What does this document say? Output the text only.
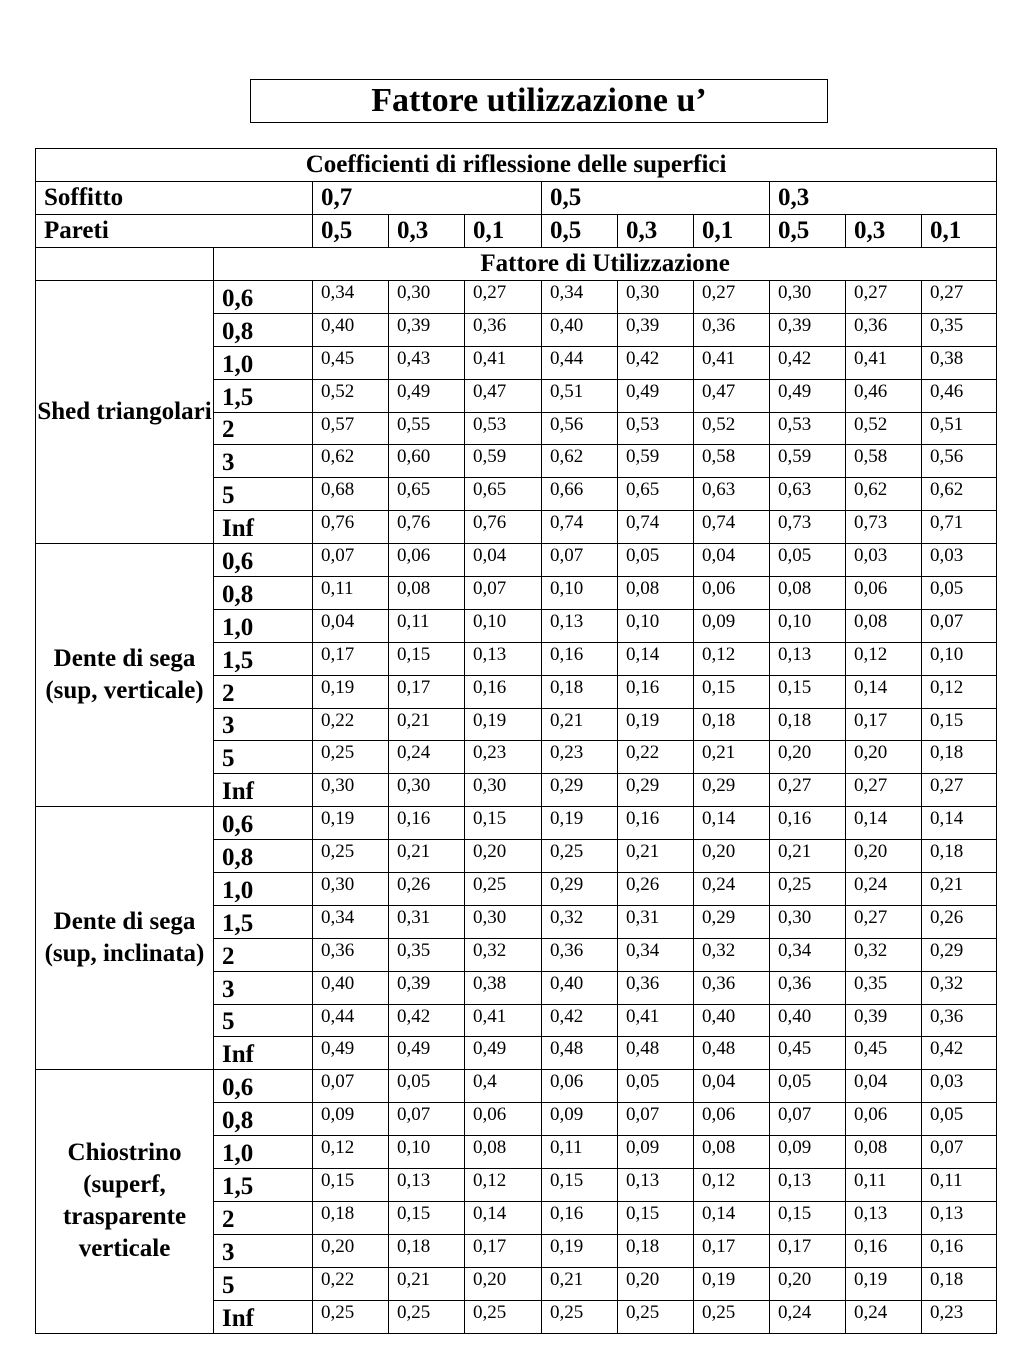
Fattore utilizzazione u’
Coefficienti di riflessione delle superfici										
Soffitto		0,7			0,5			0,3		
Pareti		0,5	0,3	0,1	0,5	0,3	0,1	0,5	0,3	0,1
	Fattore di Utilizzazione									
Shed triangolari	0,6	0,34	0,30	0,27	0,34	0,30	0,27	0,30	0,27	0,27
	0,8	0,40	0,39	0,36	0,40	0,39	0,36	0,39	0,36	0,35
	1,0	0,45	0,43	0,41	0,44	0,42	0,41	0,42	0,41	0,38
	1,5	0,52	0,49	0,47	0,51	0,49	0,47	0,49	0,46	0,46
	2	0,57	0,55	0,53	0,56	0,53	0,52	0,53	0,52	0,51
	3	0,62	0,60	0,59	0,62	0,59	0,58	0,59	0,58	0,56
	5	0,68	0,65	0,65	0,66	0,65	0,63	0,63	0,62	0,62
	Inf	0,76	0,76	0,76	0,74	0,74	0,74	0,73	0,73	0,71
Dente di sega (sup, verticale)	0,6	0,07	0,06	0,04	0,07	0,05	0,04	0,05	0,03	0,03
	0,8	0,11	0,08	0,07	0,10	0,08	0,06	0,08	0,06	0,05
	1,0	0,04	0,11	0,10	0,13	0,10	0,09	0,10	0,08	0,07
	1,5	0,17	0,15	0,13	0,16	0,14	0,12	0,13	0,12	0,10
	2	0,19	0,17	0,16	0,18	0,16	0,15	0,15	0,14	0,12
	3	0,22	0,21	0,19	0,21	0,19	0,18	0,18	0,17	0,15
	5	0,25	0,24	0,23	0,23	0,22	0,21	0,20	0,20	0,18
	Inf	0,30	0,30	0,30	0,29	0,29	0,29	0,27	0,27	0,27
Dente di sega (sup, inclinata)	0,6	0,19	0,16	0,15	0,19	0,16	0,14	0,16	0,14	0,14
	0,8	0,25	0,21	0,20	0,25	0,21	0,20	0,21	0,20	0,18
	1,0	0,30	0,26	0,25	0,29	0,26	0,24	0,25	0,24	0,21
	1,5	0,34	0,31	0,30	0,32	0,31	0,29	0,30	0,27	0,26
	2	0,36	0,35	0,32	0,36	0,34	0,32	0,34	0,32	0,29
	3	0,40	0,39	0,38	0,40	0,36	0,36	0,36	0,35	0,32
	5	0,44	0,42	0,41	0,42	0,41	0,40	0,40	0,39	0,36
	Inf	0,49	0,49	0,49	0,48	0,48	0,48	0,45	0,45	0,42
Chiostrino (superf, trasparente verticale	0,6	0,07	0,05	0,4	0,06	0,05	0,04	0,05	0,04	0,03
	0,8	0,09	0,07	0,06	0,09	0,07	0,06	0,07	0,06	0,05
	1,0	0,12	0,10	0,08	0,11	0,09	0,08	0,09	0,08	0,07
	1,5	0,15	0,13	0,12	0,15	0,13	0,12	0,13	0,11	0,11
	2	0,18	0,15	0,14	0,16	0,15	0,14	0,15	0,13	0,13
	3	0,20	0,18	0,17	0,19	0,18	0,17	0,17	0,16	0,16
	5	0,22	0,21	0,20	0,21	0,20	0,19	0,20	0,19	0,18
	Inf	0,25	0,25	0,25	0,25	0,25	0,25	0,24	0,24	0,23
